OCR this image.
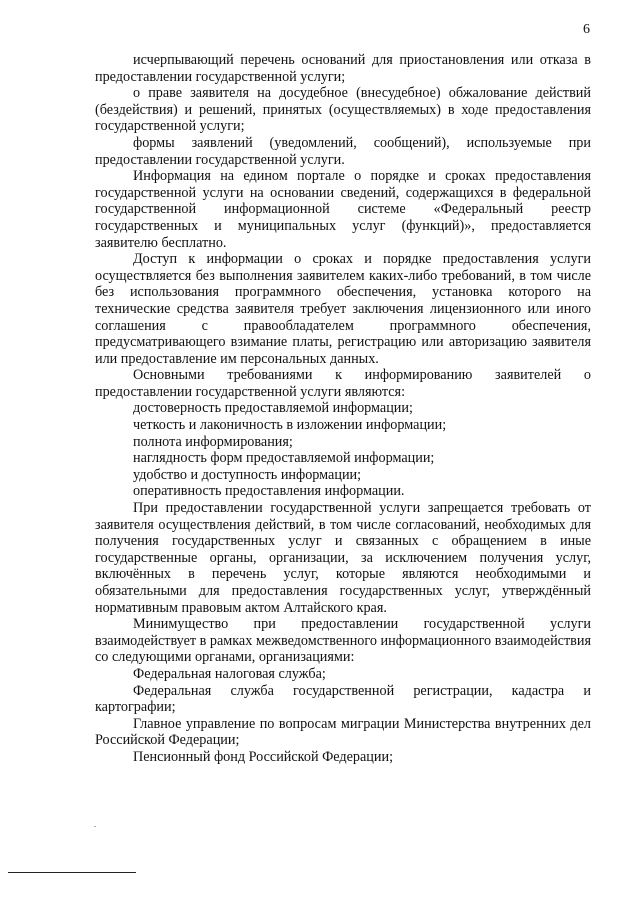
6

исчерпывающий перечень оснований для приостановления или отказа в предоставлении государственной услуги;

о праве заявителя на досудебное (внесудебное) обжалование действий (бездействия) и решений, принятых (осуществляемых) в ходе предоставления государственной услуги;

формы заявлений (уведомлений, сообщений), используемые при предоставлении государственной услуги.

Информация на едином портале о порядке и сроках предоставления государственной услуги на основании сведений, содержащихся в федеральной государственной информационной системе «Федеральный реестр государственных и муниципальных услуг (функций)», предоставляется заявителю бесплатно.

Доступ к информации о сроках и порядке предоставления услуги осуществляется без выполнения заявителем каких-либо требований, в том числе без использования программного обеспечения, установка которого на технические средства заявителя требует заключения лицензионного или иного соглашения с правообладателем программного обеспечения, предусматривающего взимание платы, регистрацию или авторизацию заявителя или предоставление им персональных данных.

Основными требованиями к информированию заявителей о предоставлении государственной услуги являются:

достоверность предоставляемой информации;

четкость и лаконичность в изложении информации;

полнота информирования;

наглядность форм предоставляемой информации;

удобство и доступность информации;

оперативность предоставления информации.

При предоставлении государственной услуги запрещается требовать от заявителя осуществления действий, в том числе согласований, необходимых для получения государственных услуг и связанных с обращением в иные государственные органы, организации, за исключением получения услуг, включённых в перечень услуг, которые являются необходимыми и обязательными для предоставления государственных услуг, утверждённый нормативным правовым актом Алтайского края.

Минимущество при предоставлении государственной услуги взаимодействует в рамках межведомственного информационного взаимодействия со следующими органами, организациями:

Федеральная налоговая служба;

Федеральная служба государственной регистрации, кадастра и картографии;

Главное управление по вопросам миграции Министерства внутренних дел Российской Федерации;

Пенсионный фонд Российской Федерации;
